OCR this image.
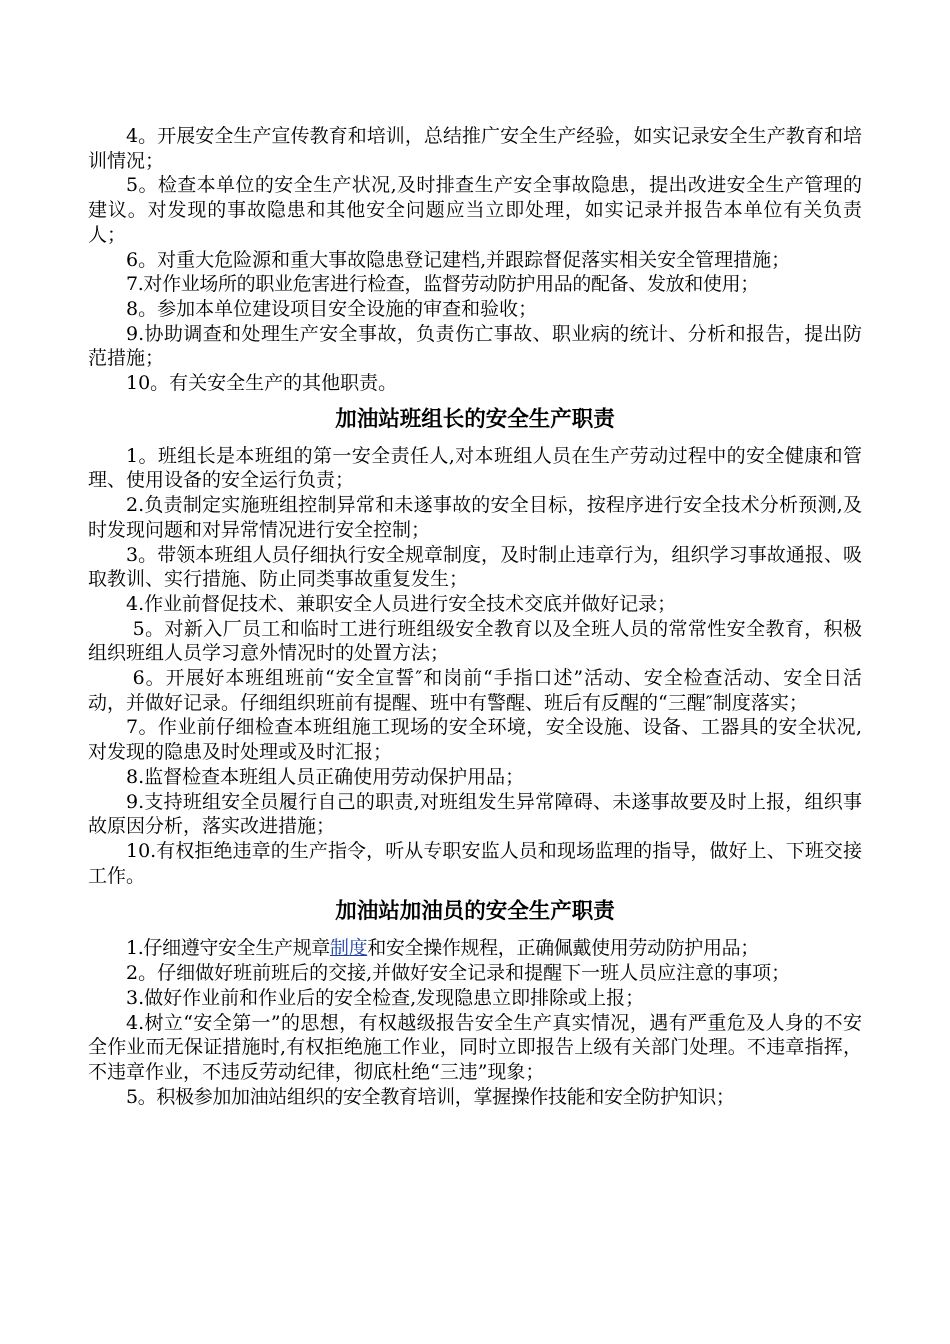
4。开展安全生产宣传教育和培训，总结推广安全生产经验，如实记录安全生产教育和培训情况；

5。检查本单位的安全生产状况,及时排查生产安全事故隐患，提出改进安全生产管理的建议。对发现的事故隐患和其他安全问题应当立即处理，如实记录并报告本单位有关负责人；

6。对重大危险源和重大事故隐患登记建档,并跟踪督促落实相关安全管理措施；

7.对作业场所的职业危害进行检查，监督劳动防护用品的配备、发放和使用；

8。参加本单位建设项目安全设施的审查和验收；

9.协助调查和处理生产安全事故，负责伤亡事故、职业病的统计、分析和报告，提出防范措施；

10。有关安全生产的其他职责。

加油站班组长的安全生产职责

1。班组长是本班组的第一安全责任人,对本班组人员在生产劳动过程中的安全健康和管理、使用设备的安全运行负责；

2.负责制定实施班组控制异常和未遂事故的安全目标，按程序进行安全技术分析预测,及时发现问题和对异常情况进行安全控制；

3。带领本班组人员仔细执行安全规章制度，及时制止违章行为，组织学习事故通报、吸取教训、实行措施、防止同类事故重复发生；

4.作业前督促技术、兼职安全人员进行安全技术交底并做好记录；

5。对新入厂员工和临时工进行班组级安全教育以及全班人员的常常性安全教育，积极组织班组人员学习意外情况时的处置方法；

6。开展好本班组班前“安全宣誓″和岗前“手指口述”活动、安全检查活动、安全日活动，并做好记录。仔细组织班前有提醒、班中有警醒、班后有反醒的“三醒″制度落实；

7。作业前仔细检查本班组施工现场的安全环境，安全设施、设备、工器具的安全状况,对发现的隐患及时处理或及时汇报；

8.监督检查本班组人员正确使用劳动保护用品；

9.支持班组安全员履行自己的职责,对班组发生异常障碍、未遂事故要及时上报，组织事故原因分析，落实改进措施；

10.有权拒绝违章的生产指令，听从专职安监人员和现场监理的指导，做好上、下班交接工作。

加油站加油员的安全生产职责

1.仔细遵守安全生产规章制度和安全操作规程，正确佩戴使用劳动防护用品；

2。仔细做好班前班后的交接,并做好安全记录和提醒下一班人员应注意的事项；

3.做好作业前和作业后的安全检查,发现隐患立即排除或上报；

4.树立“安全第一”的思想，有权越级报告安全生产真实情况，遇有严重危及人身的不安全作业而无保证措施时,有权拒绝施工作业，同时立即报告上级有关部门处理。不违章指挥，不违章作业，不违反劳动纪律，彻底杜绝“三违”现象；

5。积极参加加油站组织的安全教育培训，掌握操作技能和安全防护知识；
